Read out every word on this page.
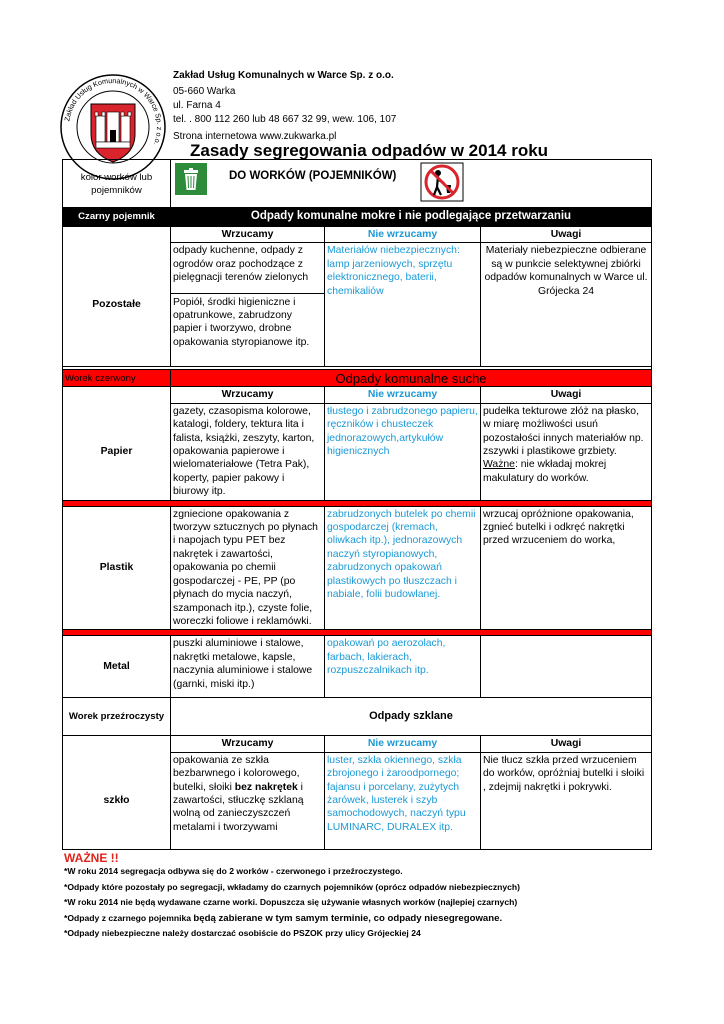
Zakład Usług Komunalnych w Warce Sp. z o.o.
Zakład Usług Komunalnych w Warce Sp. z o.o.
05-660 Warka
ul. Farna 4
tel. . 800 112 260 lub 48 667 32 99, wew. 106, 107
Strona internetowa www.zukwarka.pl
Zasady segregowania odpadów w 2014 roku
kolor worków lub pojemników	DO WORKÓW (POJEMNIKÓW)		

Czarny pojemnik	Odpady komunalne mokre i nie podlegające przetwarzaniu		
	Wrzucamy	Nie wrzucamy	Uwagi
Pozostałe	odpady kuchenne, odpady z ogrodów oraz pochodzące z pielęgnacji terenów zielonych
Popiół, środki higieniczne i opatrunkowe, zabrudzony papier i tworzywo, drobne opakowania styropianowe itp.	Materiałów niebezpiecznych: lamp jarzeniowych, sprzętu elektronicznego, baterii, chemikaliów	Materiały niebezpieczne odbierane są w punkcie selektywnej zbiórki odpadów komunalnych w Warce ul. Grójecka 24

Worek czerwony	Odpady komunalne suche		
	Wrzucamy	Nie wrzucamy	Uwagi
Papier	gazety, czasopisma kolorowe, katalogi, foldery, tektura lita i falista, książki, zeszyty, karton, opakowania papierowe i wielomateriałowe (Tetra Pak), koperty, papier pakowy i biurowy itp.	tłustego i zabrudzonego papieru, ręczników i chusteczek jednorazowych,artykułów higienicznych	pudełka tekturowe złóż na płasko, w miarę możliwości usuń pozostałości innych materiałów np. zszywki i plastikowe grzbiety. Ważne: nie wkładaj mokrej makulatury do worków.

Plastik	zgniecione opakowania z tworzyw sztucznych po płynach i napojach typu PET bez nakrętek i zawartości, opakowania po chemii gospodarczej - PE, PP (po płynach do mycia naczyń, szamponach itp.), czyste folie, woreczki foliowe i reklamówki.	zabrudzonych butelek po chemii gospodarczej (kremach, oliwkach itp.), jednorazowych naczyń styropianowych, zabrudzonych opakowań plastikowych po tłuszczach i nabiale, folii budowlanej.	wrzucaj opróżnione opakowania, zgnieć butelki i odkręć nakrętki przed wrzuceniem do worka,

Metal	puszki aluminiowe i stalowe, nakrętki metalowe, kapsle, naczynia aluminiowe i stalowe (garnki, miski itp.)	opakowań po aerozolach, farbach, lakierach, rozpuszczalnikach itp.	
Worek przeźroczysty	Odpady szklane		
	Wrzucamy	Nie wrzucamy	Uwagi
szkło	opakowania ze szkła bezbarwnego i kolorowego, butelki, słoiki bez nakrętek i zawartości, stłuczkę szklaną wolną od zanieczyszczeń metalami i tworzywami	luster, szkła okiennego, szkła zbrojonego i żaroodpornego; fajansu i porcelany, zużytych żarówek, lusterek i szyb samochodowych, naczyń typu LUMINARC, DURALEX itp.	Nie tłucz szkła przed wrzuceniem do worków, opróżniaj butelki i słoiki , zdejmij nakrętki i pokrywki.
WAŻNE !!
*W roku 2014 segregacja odbywa się do 2 worków - czerwonego i przeźroczystego.
*Odpady które pozostały po segregacji, wkładamy do czarnych pojemników (oprócz odpadów niebezpiecznych)
*W roku 2014 nie będą wydawane czarne worki. Dopuszcza się używanie własnych worków (najlepiej czarnych)
*Odpady z czarnego pojemnika będą zabierane w tym samym terminie, co odpady niesegregowane.
*Odpady niebezpieczne należy dostarczać osobiście do PSZOK przy ulicy Grójeckiej 24
